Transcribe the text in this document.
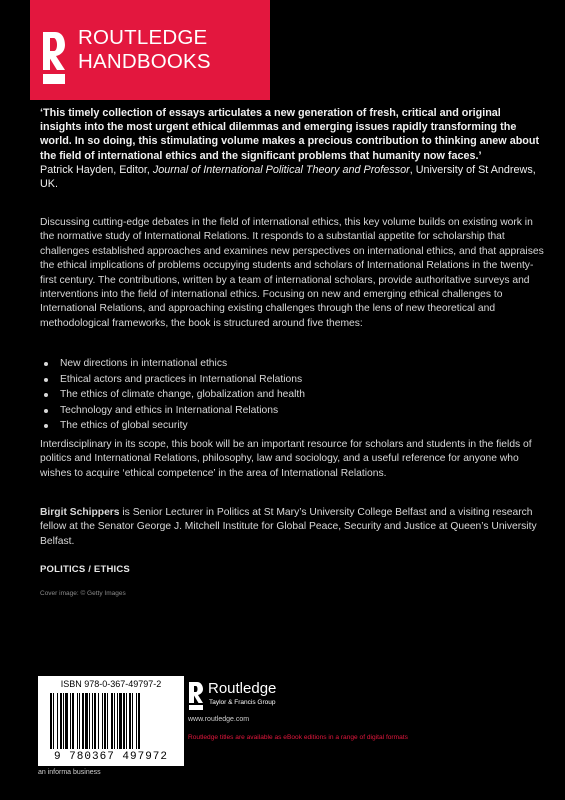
ROUTLEDGE
HANDBOOKS
‘This timely collection of essays articulates a new generation of fresh, critical and original insights into the most urgent ethical dilemmas and emerging issues rapidly transforming the world. In so doing, this stimulating volume makes a precious contribution to thinking anew about the field of international ethics and the significant problems that humanity now faces.’
Patrick Hayden, Editor, Journal of International Political Theory and Professor, University of St Andrews, UK.
Discussing cutting-edge debates in the field of international ethics, this key volume builds on existing work in the normative study of International Relations. It responds to a substantial appetite for scholarship that challenges established approaches and examines new perspectives on international ethics, and that appraises the ethical implications of problems occupying students and scholars of International Relations in the twenty-first century. The contributions, written by a team of international scholars, provide authoritative surveys and interventions into the field of international ethics. Focusing on new and emerging ethical challenges to International Relations, and approaching existing challenges through the lens of new theoretical and methodological frameworks, the book is structured around five themes:
New directions in international ethics
Ethical actors and practices in International Relations
The ethics of climate change, globalization and health
Technology and ethics in International Relations
The ethics of global security
Interdisciplinary in its scope, this book will be an important resource for scholars and students in the fields of politics and International Relations, philosophy, law and sociology, and a useful reference for anyone who wishes to acquire ‘ethical competence’ in the area of International Relations.
Birgit Schippers is Senior Lecturer in Politics at St Mary’s University College Belfast and a visiting research fellow at the Senator George J. Mitchell Institute for Global Peace, Security and Justice at Queen’s University Belfast.
POLITICS / ETHICS
Cover image: © Getty Images
ISBN 978-0-367-49797-2
9 780367 497972
an informa business
Routledge
Taylor & Francis Group
www.routledge.com
Routledge titles are available as eBook editions in a range of digital formats
